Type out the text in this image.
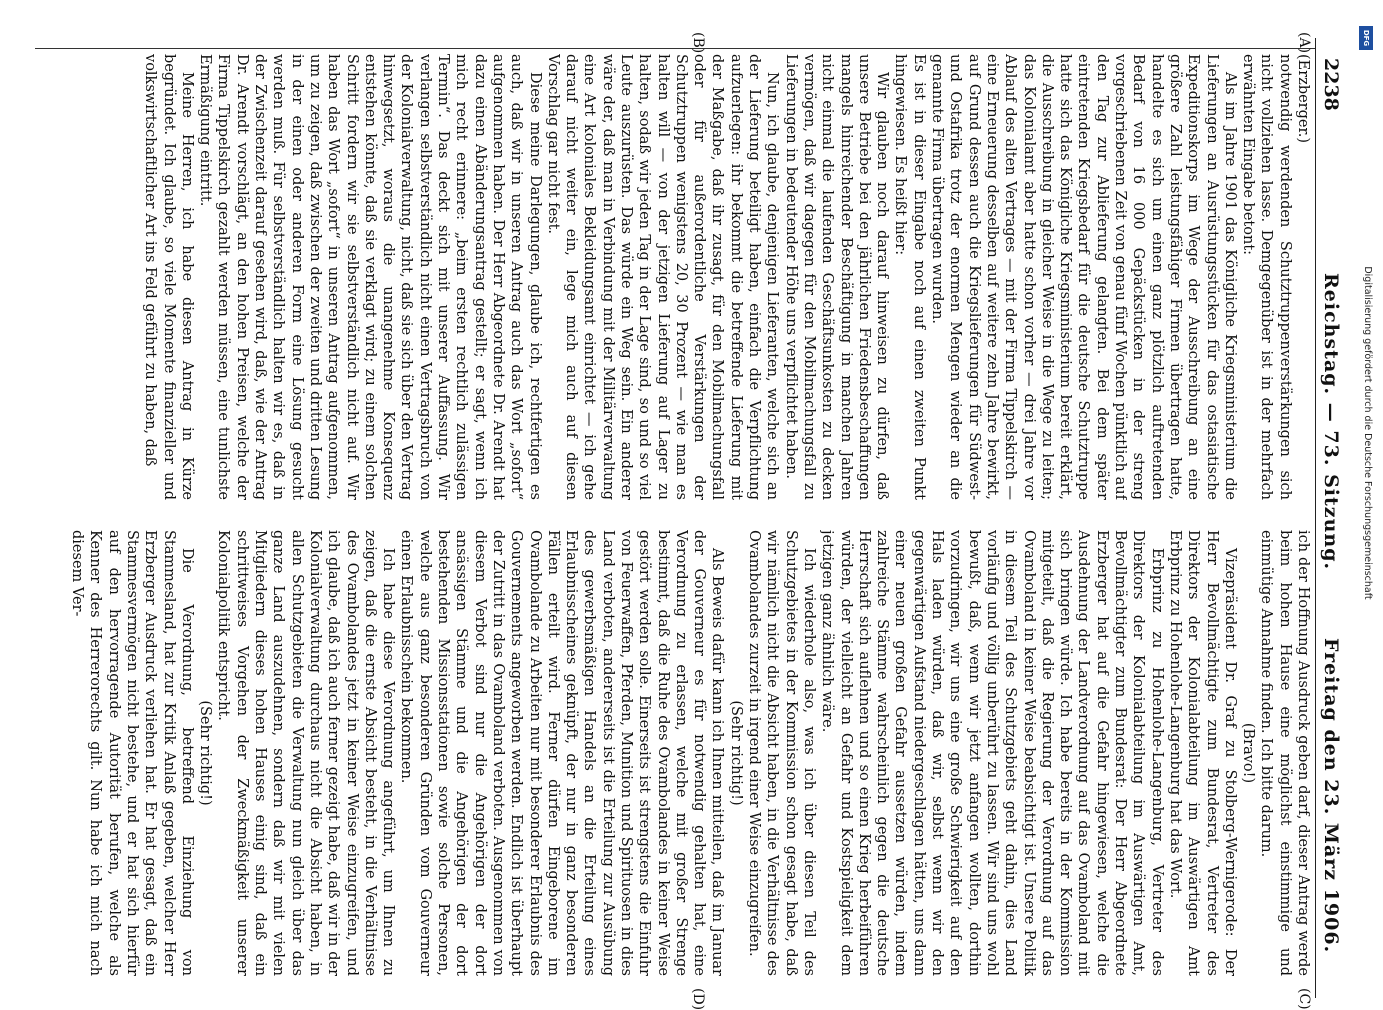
2238
Reichstag. — 73. Sitzung.
Freitag den 23. März 1906.
(A)
(B)
(C)
(D)

(Erzberger.)

notwendig werdenden Schutztruppenverstärkungen sich nicht vollziehen lasse. Demgegenüber ist in der mehrfach erwähnten Eingabe betont:

Als im Jahre 1901 das Königliche Kriegsministerium die Lieferungen an Ausrüstungsstücken für das ostasiatische Expeditionskorps im Wege der Ausschreibung an eine größere Zahl leistungsfähiger Firmen übertragen hatte, handelte es sich um einen ganz plötzlich auftretenden Bedarf von 16 000 Gepäckstücken in der streng vorgeschriebenen Zeit von genau fünf Wochen pünktlich auf den Tag zur Ablieferung gelangten. Bei dem später eintretenden Kriegsbedarf für die deutsche Schutztruppe hatte sich das Königliche Kriegsministerium bereit erklärt, die Ausschreibung in gleicher Weise in die Wege zu leiten; das Kolonialamt aber hatte schon vorher — drei Jahre vor Ablauf des alten Vertrages — mit der Firma Tippelskirch — eine Erneuerung desselben auf weitere zehn Jahre bewirkt, auf Grund dessen auch die Kriegslieferungen für Südwest- und Ostafrika trotz der enormen Mengen wieder an die genannte Firma übertragen wurden.

Es ist in dieser Eingabe noch auf einen zweiten Punkt hingewiesen. Es heißt hier:

Wir glauben noch darauf hinweisen zu dürfen, daß unsere Betriebe bei den jährlichen Friedensbeschaffungen mangels hinreichender Beschäftigung in manchen Jahren nicht einmal die laufenden Geschäftsunkosten zu decken vermögen, daß wir dagegen für den Mobilmachungsfall zu Lieferungen in bedeutender Höhe uns verpflichtet haben.

Nun, ich glaube, denjenigen Lieferanten, welche sich an der Lieferung beteiligt haben, einfach die Verpflichtung aufzuerlegen: ihr bekommt die betreffende Lieferung mit der Maßgabe, daß ihr zusagt, für den Mobilmachungsfall oder für außerordentliche Verstärkungen der Schutztruppen wenigstens 20, 30 Prozent — wie man es halten will — von der jetzigen Lieferung auf Lager zu halten, sodaß wir jeden Tag in der Lage sind, so und so viel Leute auszurüsten. Das würde ein Weg sein. Ein anderer wäre der, daß man in Verbindung mit der Militärverwaltung eine Art koloniales Bekleidungsamt einrichtet — ich gehe darauf nicht weiter ein, lege mich auch auf diesen Vorschlag gar nicht fest.

Diese meine Darlegungen, glaube ich, rechtfertigen es auch, daß wir in unseren Antrag auch das Wort „sofort“ aufgenommen haben. Der Herr Abgeordnete Dr. Arendt hat dazu einen Abänderungsantrag gestellt; er sagt, wenn ich mich recht erinnere: „beim ersten rechtlich zulässigen Termin“. Das deckt sich mit unserer Auffassung. Wir verlangen selbstverständlich nicht einen Vertragsbruch von der Kolonialverwaltung, nicht, daß sie sich über den Vertrag hinwegsetzt, woraus die unangenehme Konsequenz entstehen könnte, daß sie verklagt wird; zu einem solchen Schritt fordern wir sie selbstverständlich nicht auf. Wir haben das Wort „sofort“ in unseren Antrag aufgenommen, um zu zeigen, daß zwischen der zweiten und dritten Lesung in der einen oder anderen Form eine Lösung gesucht werden muß. Für selbstverständlich halten wir es, daß in der Zwischenzeit darauf gesehen wird, daß, wie der Antrag Dr. Arendt vorschlägt, an den hohen Preisen, welche der Firma Tippelskirch gezahlt werden müssen, eine tunlichste Ermäßigung eintritt.

Meine Herren, ich habe diesen Antrag in Kürze begründet. Ich glaube, so viele Momente finanzieller und volkswirtschaftlicher Art ins Feld geführt zu haben, daß

ich der Hoffnung Ausdruck geben darf, dieser Antrag werde beim hohen Hause eine möglichst einstimmige und einmütige Annahme finden. Ich bitte darum.

(Bravo!)

Vizepräsident Dr. Graf zu Stolberg-Wernigerode: Der Herr Bevollmächtigte zum Bundesrat, Vertreter des Direktors der Kolonialabteilung im Auswärtigen Amt Erbprinz zu Hohenlohe-Langenburg hat das Wort.

Erbprinz zu Hohenlohe-Langenburg, Vertreter des Direktors der Kolonialabteilung im Auswärtigen Amt, Bevollmächtigter zum Bundesrat: Der Herr Abgeordnete Erzberger hat auf die Gefahr hingewiesen, welche die Ausdehnung der Landverordnung auf das Ovamboland mit sich bringen würde. Ich habe bereits in der Kommission mitgeteilt, daß die Regierung der Verordnung auf das Ovamboland in keiner Weise beabsichtigt ist. Unsere Politik in diesem Teil des Schutzgebiets geht dahin, dies Land vorläufig und völlig unberührt zu lassen. Wir sind uns wohl bewußt, daß, wenn wir jetzt anfangen wollten, dorthin vorzudringen, wir uns eine große Schwierigkeit auf den Hals laden würden, daß wir, selbst wenn wir den gegenwärtigen Aufstand niedergeschlagen hätten, uns dann einer neuen großen Gefahr aussetzen würden, indem zahlreiche Stämme wahrscheinlich gegen die deutsche Herrschaft sich auflehnen und so einen Krieg herbeiführen würden, der vielleicht an Gefahr und Kostspieligkeit dem jetzigen ganz ähnlich wäre.

Ich wiederhole also, was ich über diesen Teil des Schutzgebietes in der Kommission schon gesagt habe, daß wir nämlich nicht die Absicht haben, in die Verhältnisse des Ovambolandes zurzeit in irgend einer Weise einzugreifen.

(Sehr richtig!)

Als Beweis dafür kann ich Ihnen mitteilen, daß im Januar der Gouverneur es für notwendig gehalten hat, eine Verordnung zu erlassen, welche mit großer Strenge bestimmt, daß die Ruhe des Ovambolandes in keiner Weise gestört werden solle. Einerseits ist strengstens die Einfuhr von Feuerwaffen, Pferden, Munition und Spirituosen in dies Land verboten, andererseits ist die Erteilung zur Ausübung des gewerbsmäßigen Handels an die Erteilung eines Erlaubnisscheines geknüpft, der nur in ganz besonderen Fällen erteilt wird. Ferner dürfen Eingeborene im Ovambolande zu Arbeiten nur mit besonderer Erlaubnis des Gouvernements angeworben werden. Endlich ist überhaupt der Zutritt in das Ovamboland verboten. Ausgenommen von diesem Verbot sind nur die Angehörigen der dort ansässigen Stämme und die Angehörigen der dort bestehenden Missionsstationen sowie solche Personen, welche aus ganz besonderen Gründen vom Gouverneur einen Erlaubnisschein bekommen.

Ich habe diese Verordnung angeführt, um Ihnen zu zeigen, daß die ernste Absicht besteht, in die Verhältnisse des Ovambolandes jetzt in keiner Weise einzugreifen, und ich glaube, daß ich auch ferner gezeigt habe, daß wir in der Kolonialverwaltung durchaus nicht die Absicht haben, in allen Schutzgebieten die Verwaltung nun gleich über das ganze Land auszudehnen, sondern daß wir mit vielen Mitgliedern dieses hohen Hauses einig sind, daß ein schrittweises Vorgehen der Zweckmäßigkeit unserer Kolonialpolitik entspricht.

(Sehr richtig!)

Die Verordnung, betreffend Einziehung von Stammesland, hat zur Kritik Anlaß gegeben, welcher Herr Erzberger Ausdruck verliehen hat. Er hat gesagt, daß ein Stammesvermögen nicht bestehe, und er hat sich hierfür auf den hervorragende Autorität berufen, welche als Kenner des Herrerorechts gilt. Nun habe ich mich nach diesem Ver-

DFG
Digitalisierung gefördert durch die Deutsche Forschungsgemeinschaft
